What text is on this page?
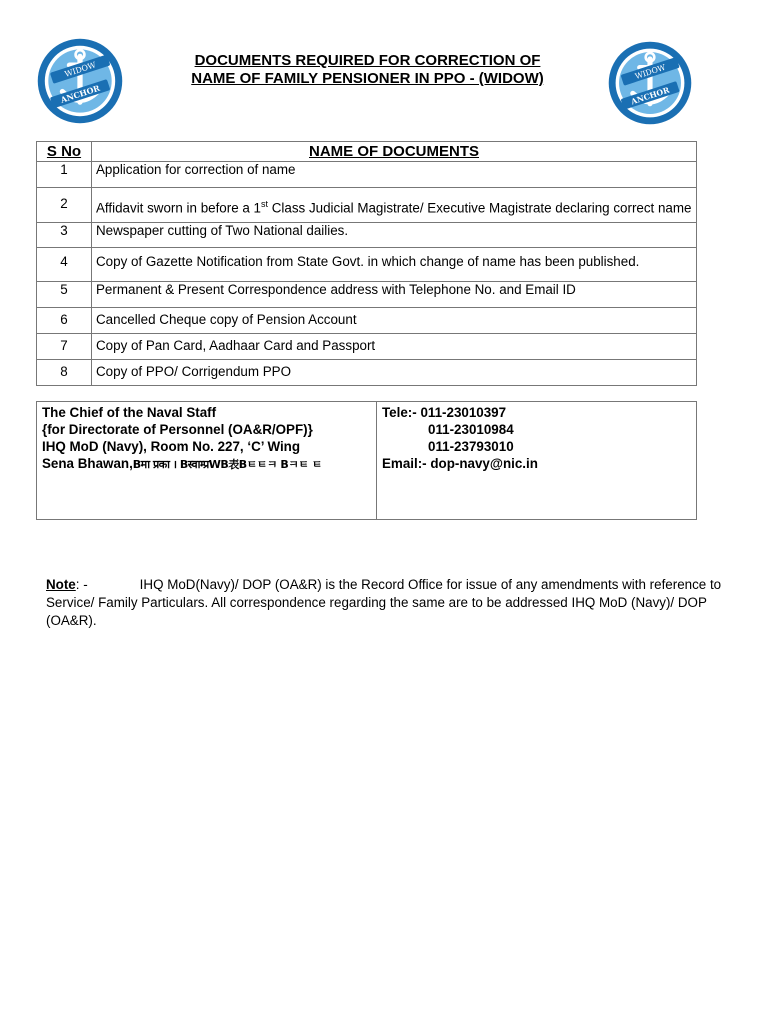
WIDOW
ANCHOR
DOCUMENTS REQUIRED FOR CORRECTION OF
NAME OF FAMILY PENSIONER IN PPO - (WIDOW)	WIDOW
ANCHOR
S No	NAME OF DOCUMENTS
1	Application for correction of name
2	Affidavit sworn in before a 1st Class Judicial Magistrate/ Executive Magistrate declaring correct name
3	Newspaper cutting of Two National dailies.
4	Copy of Gazette Notification from State Govt. in which change of name has been published.
5	Permanent & Present Correspondence address with Telephone No. and Email ID
6	Cancelled Cheque copy of Pension Account
7	Copy of Pan Card, Aadhaar Card and Passport
8	Copy of PPO/ Corrigendum PPO
The Chief of the Naval Staff
{for Directorate of Personnel (OA&R/OPF)}
IHQ MoD (Navy), Room No. 227, ‘C’ Wing
Sena Bhawan,Bमा प्रका । Bस्वाम्प्रWB表Bㅌㅌㅋ Bㅋㅌ ㅌ
Tele:- 011-23010397
011-23010984
011-23793010
Email:- dop-navy@nic.in
Note: -	IHQ MoD(Navy)/ DOP (OA&R) is the Record Office for issue of any amendments with reference to Service/ Family Particulars. All correspondence regarding the same are to be addressed IHQ MoD (Navy)/ DOP (OA&R).
